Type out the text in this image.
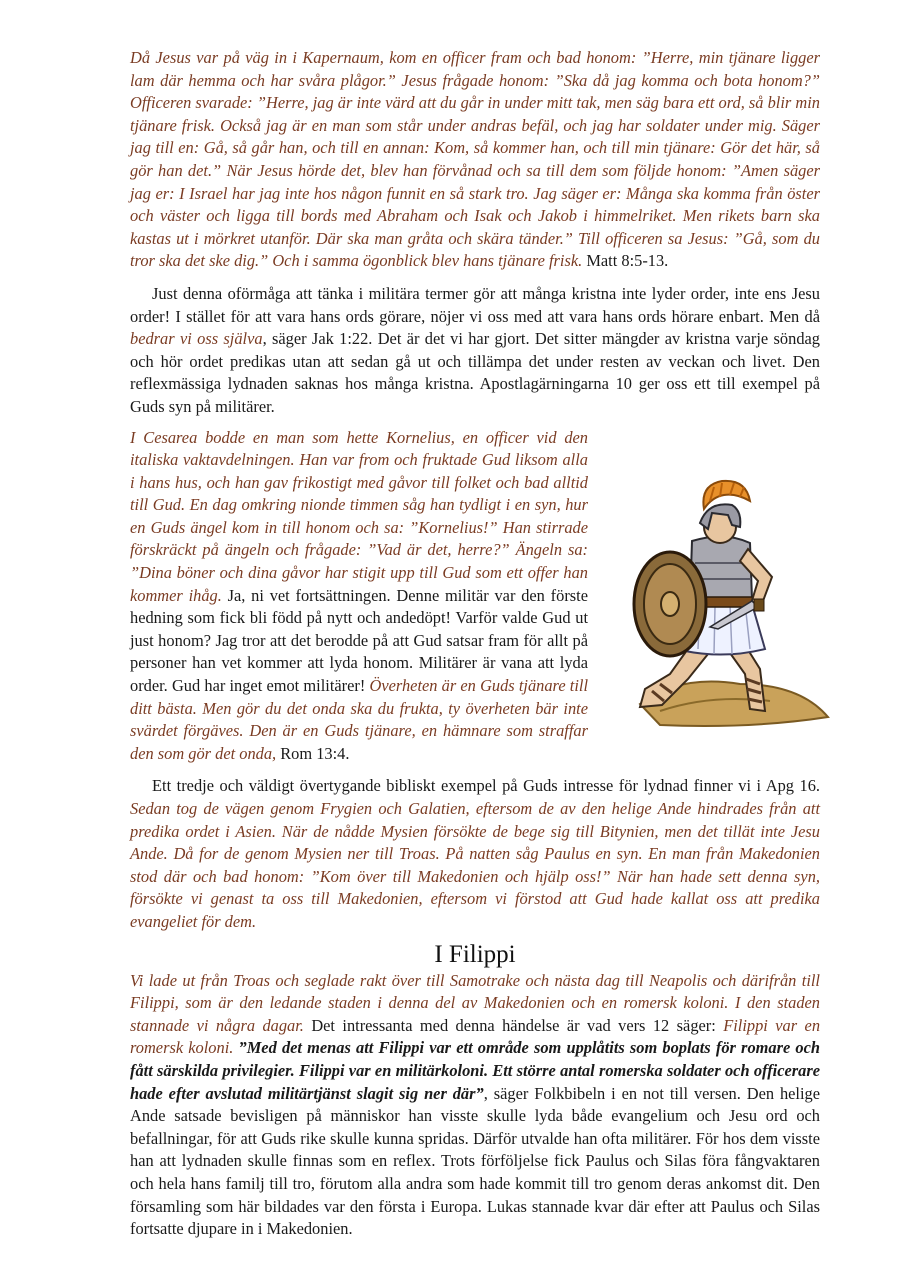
Då Jesus var på väg in i Kapernaum, kom en officer fram och bad honom: ”Herre, min tjänare ligger lam där hemma och har svåra plågor.” Jesus frågade honom: ”Ska då jag komma och bota honom?” Officeren svarade: ”Herre, jag är inte värd att du går in under mitt tak, men säg bara ett ord, så blir min tjänare frisk. Också jag är en man som står under andras befäl, och jag har soldater under mig. Säger jag till en: Gå, så går han, och till en annan: Kom, så kommer han, och till min tjänare: Gör det här, så gör han det.” När Jesus hörde det, blev han förvånad och sa till dem som följde honom: ”Amen säger jag er: I Israel har jag inte hos någon funnit en så stark tro. Jag säger er: Många ska komma från öster och väster och ligga till bords med Abraham och Isak och Jakob i himmelriket. Men rikets barn ska kastas ut i mörkret utanför. Där ska man gråta och skära tänder.” Till officeren sa Jesus: ”Gå, som du tror ska det ske dig.” Och i samma ögonblick blev hans tjänare frisk. Matt 8:5-13.

Just denna oförmåga att tänka i militära termer gör att många kristna inte lyder order, inte ens Jesu order! I stället för att vara hans ords görare, nöjer vi oss med att vara hans ords hörare enbart. Men då bedrar vi oss själva, säger Jak 1:22. Det är det vi har gjort. Det sitter mängder av kristna varje söndag och hör ordet predikas utan att sedan gå ut och tillämpa det under resten av veckan och livet. Den reflexmässiga lydnaden saknas hos många kristna. Apostlagärningarna 10 ger oss ett till exempel på Guds syn på militärer.

I Cesarea bodde en man som hette Kornelius, en officer vid den italiska vaktavdelningen. Han var from och fruktade Gud liksom alla i hans hus, och han gav frikostigt med gåvor till folket och bad alltid till Gud. En dag omkring nionde timmen såg han tydligt i en syn, hur en Guds ängel kom in till honom och sa: ”Kornelius!” Han stirrade förskräckt på ängeln och frågade: ”Vad är det, herre?” Ängeln sa: ”Dina böner och dina gåvor har stigit upp till Gud som ett offer han kommer ihåg. Ja, ni vet fortsättningen. Denne militär var den förste hedning som fick bli född på nytt och andedöpt! Varför valde Gud ut just honom? Jag tror att det berodde på att Gud satsar fram för allt på personer han vet kommer att lyda honom. Militärer är vana att lyda order. Gud har inget emot militärer! Överheten är en Guds tjänare till ditt bästa. Men gör du det onda ska du frukta, ty överheten bär inte svärdet förgäves. Den är en Guds tjänare, en hämnare som straffar den som gör det onda, Rom 13:4.

Ett tredje och väldigt övertygande bibliskt exempel på Guds intresse för lydnad finner vi i Apg 16. Sedan tog de vägen genom Frygien och Galatien, eftersom de av den helige Ande hindrades från att predika ordet i Asien. När de nådde Mysien försökte de bege sig till Bitynien, men det tillät inte Jesu Ande. Då for de genom Mysien ner till Troas. På natten såg Paulus en syn. En man från Makedonien stod där och bad honom: ”Kom över till Makedonien och hjälp oss!” När han hade sett denna syn, försökte vi genast ta oss till Makedonien, eftersom vi förstod att Gud hade kallat oss att predika evangeliet för dem.

I Filippi

Vi lade ut från Troas och seglade rakt över till Samotrake och nästa dag till Neapolis och därifrån till Filippi, som är den ledande staden i denna del av Makedonien och en romersk koloni. I den staden stannade vi några dagar. Det intressanta med denna händelse är vad vers 12 säger: Filippi var en romersk koloni. ”Med det menas att Filippi var ett område som upplåtits som boplats för romare och fått särskilda privilegier. Filippi var en militärkoloni. Ett större antal romerska soldater och officerare hade efter avslutad militärtjänst slagit sig ner där”, säger Folkbibeln i en not till versen. Den helige Ande satsade bevisligen på människor han visste skulle lyda både evangelium och Jesu ord och befallningar, för att Guds rike skulle kunna spridas. Därför utvalde han ofta militärer. För hos dem visste han att lydnaden skulle finnas som en reflex. Trots förföljelse fick Paulus och Silas föra fångvaktaren och hela hans familj till tro, förutom alla andra som hade kommit till tro genom deras ankomst dit. Den församling som här bildades var den första i Europa. Lukas stannade kvar där efter att Paulus och Silas fortsatte djupare in i Makedonien.
